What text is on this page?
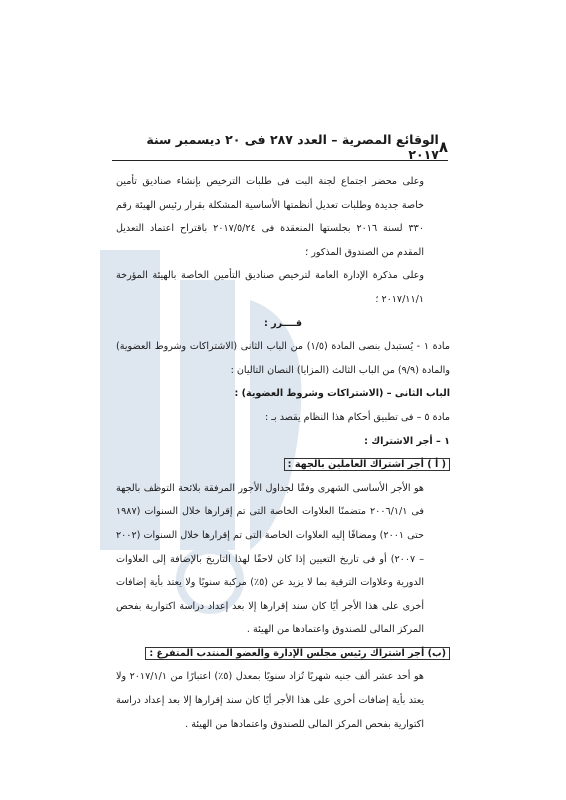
٨
الوقائع المصرية – العدد ٢٨٧ فى ٢٠ ديسمبر سنة ٢٠١٧

وعلى محضر اجتماع لجنة البت فى طلبات الترخيص بإنشاء صناديق تأمين خاصة جديدة وطلبات تعديل أنظمتها الأساسية المشكلة بقرار رئيس الهيئة رقم ٣٣٠ لسنة ٢٠١٦ بجلستها المنعقدة فى ٢٠١٧/٥/٢٤ باقتراح اعتماد التعديل المقدم من الصندوق المذكور ؛

وعلى مذكرة الإدارة العامة لترخيص صناديق التأمين الخاصة بالهيئة المؤرخة ٢٠١٧/١١/١ ؛

قــــرر :

مادة ١ - يُستبدل بنصى المادة (١/٥) من الباب الثانى (الاشتراكات وشروط العضوية) والمادة (٩/٩) من الباب الثالث (المزايا) النصان التاليان :

الباب الثانى – (الاشتراكات وشروط العضوية) :

مادة ٥ – فى تطبيق أحكام هذا النظام يقصد بـ :

١ – أجر الاشتراك :

( أ ) أجر اشتراك العاملين بالجهة :

هو الأجر الأساسى الشهرى وفقًا لجداول الأجور المرفقة بلائحة التوظف بالجهة فى ٢٠٠٦/١/١ متضمنًا العلاوات الخاصة التى تم إقرارها خلال السنوات (١٩٨٧ حتى ٢٠٠١) ومضافًا إليه العلاوات الخاصة التى تم إقرارها خلال السنوات (٢٠٠٢ – ٢٠٠٧) أو فى تاريخ التعيين إذا كان لاحقًا لهذا التاريخ بالإضافة إلى العلاوات الدورية وعلاوات الترقية بما لا يزيد عن (٥٪) مركبة سنويًا ولا يعتد بأية إضافات أخرى على هذا الأجر أيًا كان سند إقرارها إلا بعد إعداد دراسة اكتوارية بفحص المركز المالى للصندوق واعتمادها من الهيئة .

(ب) أجر اشتراك رئيس مجلس الإدارة والعضو المنتدب المتفرغ :

هو أحد عشر ألف جنيه شهريًا تُزاد سنويًا بمعدل (٥٪) اعتبارًا من ٢٠١٧/١/١ ولا يعتد بأية إضافات أخرى على هذا الأجر أيًا كان سند إقرارها إلا بعد إعداد دراسة اكتوارية بفحص المركز المالى للصندوق واعتمادها من الهيئة .
